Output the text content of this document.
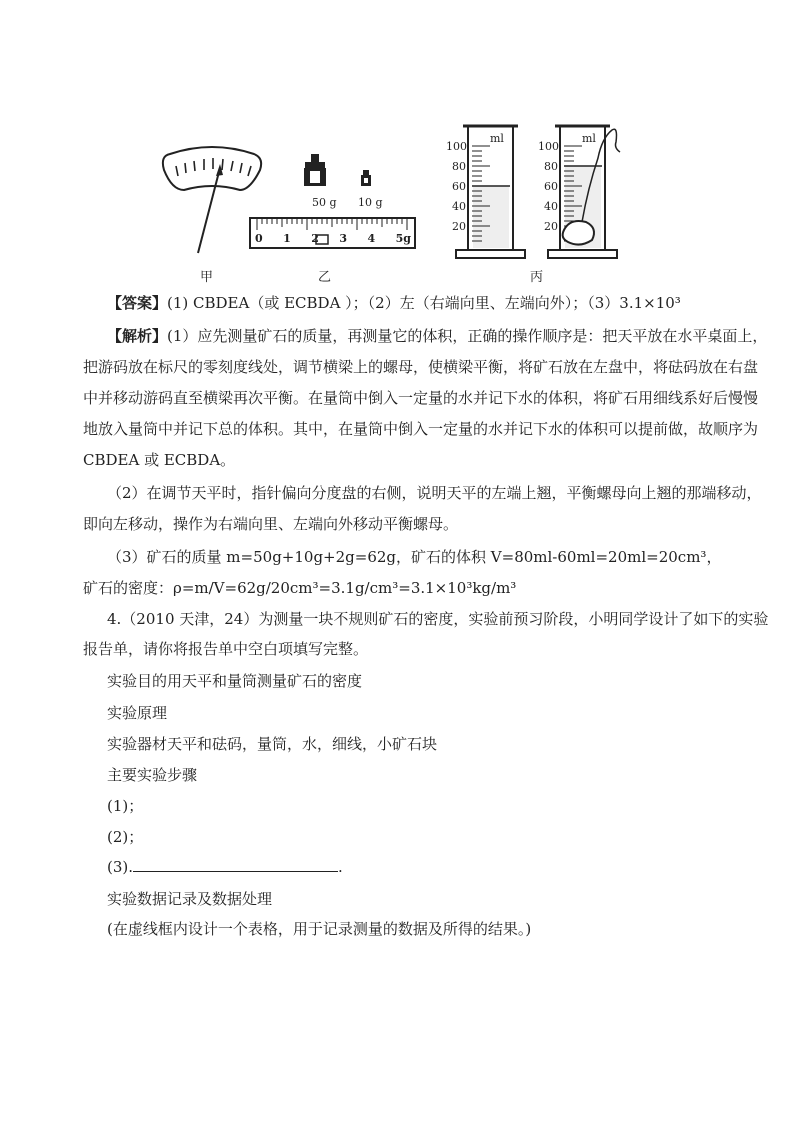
50 g 10 g
0 1 2 3 4 5g
ml	ml
100
80
60
40
20
100
80
60
40
20
甲	乙	丙
【答案】(1) CBDEA（或 ECBDA ）；（2）左（右端向里、左端向外）；（3）3.1×10³
【解析】(1）应先测量矿石的质量，再测量它的体积，正确的操作顺序是：把天平放在水平桌面上，
把游码放在标尺的零刻度线处，调节横梁上的螺母，使横梁平衡，将矿石放在左盘中，将砝码放在右盘
中并移动游码直至横梁再次平衡。在量筒中倒入一定量的水并记下水的体积，将矿石用细线系好后慢慢
地放入量筒中并记下总的体积。其中，在量筒中倒入一定量的水并记下水的体积可以提前做，故顺序为
CBDEA 或 ECBDA。
（2）在调节天平时，指针偏向分度盘的右侧，说明天平的左端上翘，平衡螺母向上翘的那端移动，
即向左移动，操作为右端向里、左端向外移动平衡螺母。
（3）矿石的质量 m=50g+10g+2g=62g，矿石的体积 V=80ml-60ml=20ml=20cm³，
矿石的密度：ρ=m/V=62g/20cm³=3.1g/cm³=3.1×10³kg/m³
4.（2010 天津，24）为测量一块不规则矿石的密度，实验前预习阶段，小明同学设计了如下的实验
报告单，请你将报告单中空白项填写完整。
实验目的用天平和量筒测量矿石的密度
实验原理
实验器材天平和砝码，量筒，水，细线，小矿石块
主要实验步骤
(1)；
(2)；
(3).	.
实验数据记录及数据处理
(在虚线框内设计一个表格，用于记录测量的数据及所得的结果。)
